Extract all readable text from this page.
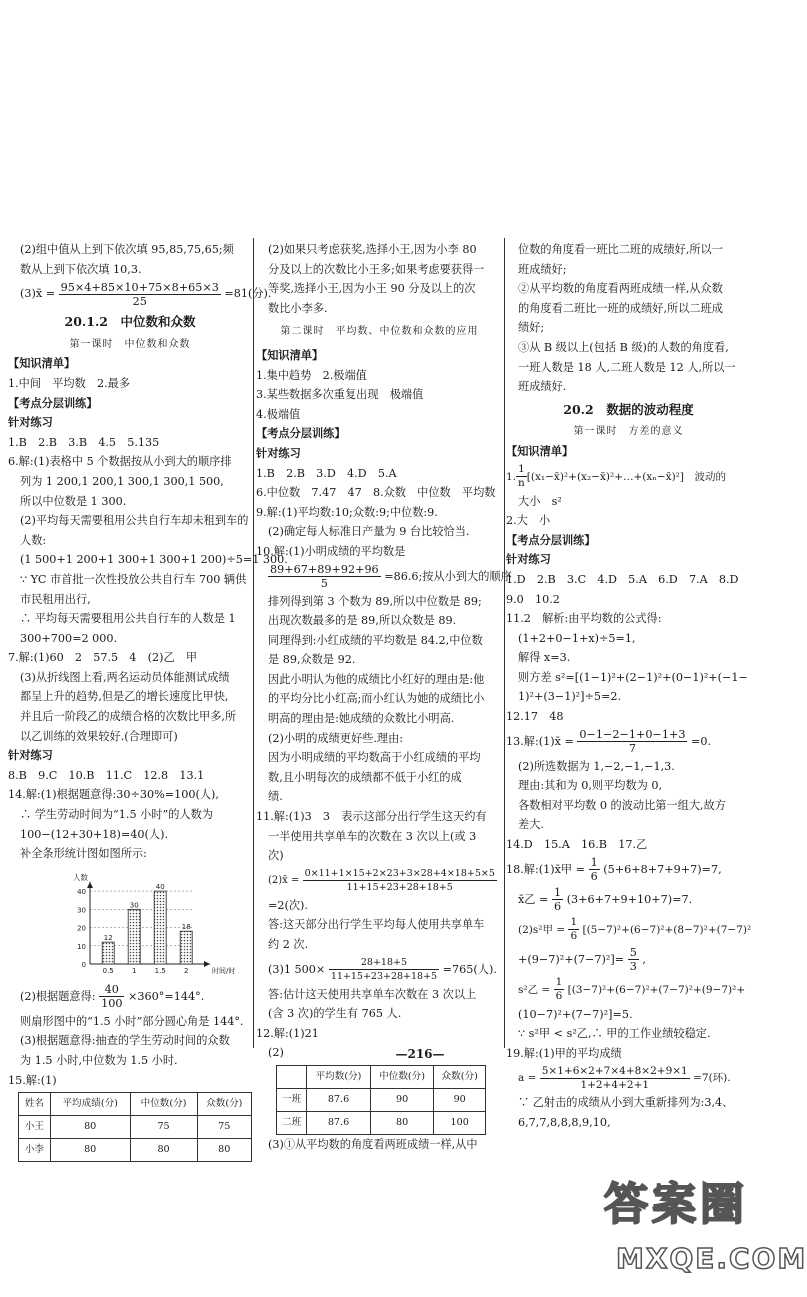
(2)组中值从上到下依次填 95,85,75,65;频
数从上到下依次填 10,3.
(3)x̄ = $\frac{95\times 4+85\times 10+75\times 8+65\times 3}{25} =81$(分).
20.1.2　中位数和众数
第一课时　中位数和众数
【知识清单】
1.中间　平均数　2.最多
【考点分层训练】
针对练习
1.B　2.B　3.B　4.5　5.135
6.解:(1)表格中 5 个数据按从小到大的顺序排
列为 1 200,1 200,1 300,1 300,1 500,
所以中位数是 1 300.
(2)平均每天需要租用公共自行车却未租到车的
人数:
(1 500+1 200+1 300+1 300+1 200)÷5=1 300.
∵ YC 市首批一次性投放公共自行车 700 辆供
市民租用出行,
∴ 平均每天需要租用公共自行车的人数是 1
300+700=2 000.
7.解:(1)60　2　57.5　4　(2)乙　甲
(3)从折线图上看,两名运动员体能测试成绩
都呈上升的趋势,但是乙的增长速度比甲快,
并且后一阶段乙的成绩合格的次数比甲多,所
以乙训练的效果较好.(合理即可)
针对练习
8.B　9.C　10.B　11.C　12.8　13.1
14.解:(1)根据题意得:30÷30%=100(人),
∴ 学生劳动时间为“1.5 小时”的人数为
100−(12+30+18)=40(人).
补全条形统计图如图所示:
0
10
20
30
40
12
0.5
30
1
40
1.5
18
2	时间/时
人数
(2)根据题意得: $\frac{40}{100} \times 360^\circ=144^\circ$.
则扇形图中的“1.5 小时”部分圆心角是 144°.
(3)根据题意得:抽查的学生劳动时间的众数
为 1.5 小时,中位数为 1.5 小时.
15.解:(1)
姓名	平均成绩(分)	中位数(分)	众数(分)
小王	80	75	75
小李	80	80	80
(2)如果只考虑获奖,选择小王,因为小李 80
分及以上的次数比小王多;如果考虑要获得一
等奖,选择小王,因为小王 90 分及以上的次
数比小李多.
第二课时　平均数、中位数和众数的应用
【知识清单】
1.集中趋势　2.极端值
3.某些数据多次重复出现　极端值
4.极端值
【考点分层训练】
针对练习
1.B　2.B　3.D　4.D　5.A
6.中位数　7.47　47　8.众数　中位数　平均数
9.解:(1)平均数:10;众数:9;中位数:9.
(2)确定每人标准日产量为 9 台比较恰当.
10.解:(1)小明成绩的平均数是
$\frac{89+67+89+92+96}{5} =86.6$;按从小到大的顺序
排列得到第 3 个数为 89,所以中位数是 89;
出现次数最多的是 89,所以众数是 89.
同理得到:小红成绩的平均数是 84.2,中位数
是 89,众数是 92.
因此小明认为他的成绩比小红好的理由是:他
的平均分比小红高;而小红认为她的成绩比小
明高的理由是:她成绩的众数比小明高.
(2)小明的成绩更好些.理由:
因为小明成绩的平均数高于小红成绩的平均
数,且小明每次的成绩都不低于小红的成
绩.
11.解:(1)3　3　表示这部分出行学生这天约有
一半使用共享单车的次数在 3 次以上(或 3
次)
(2)x̄ = $\frac{0\times 11+1\times 15+2\times 23+3\times 28+4\times 18+5\times 5}{11+15+23+28+18+5}$
=2(次).
答:这天部分出行学生平均每人使用共享单车
约 2 次.
(3)1 $500\times \frac{28+18+5}{11+15+23+28+18+5} =765$(人).
答:估计这天使用共享单车次数在 3 次以上
(含 3 次)的学生有 765 人.
12.解:(1)21
(2)
	平均数(分)	中位数(分)	众数(分)
一班	87.6	90	90
二班	87.6	80	100
(3)①从平均数的角度看两班成绩一样,从中
位数的角度看一班比二班的成绩好,所以一
班成绩好;
②从平均数的角度看两班成绩一样,从众数
的角度看二班比一班的成绩好,所以二班成
绩好;
③从 B 级以上(包括 B 级)的人数的角度看,
一班人数是 18 人,二班人数是 12 人,所以一
班成绩好.
20.2　数据的波动程度
第一课时　方差的意义
【知识清单】
1. $\frac{1}{n}$ [(x₁−x̄)²+(x₂−x̄)²+…+(xₙ−x̄)²]　波动的
大小　s²
2.大　小
【考点分层训练】
针对练习
1.D　2.B　3.C　4.D　5.A　6.D　7.A　8.D
9.0　10.2
11.2　解析:由平均数的公式得:
(1+2+0−1+x)÷5=1,
解得 x=3.
则方差 s²=[(1−1)²+(2−1)²+(0−1)²+(−1−
1)²+(3−1)²]÷5=2.
12.17　48
13.解:(1)x̄ = $\frac{0-1-2-1+0-1+3}{7} =0$.
(2)所选数据为 1,−2,−1,−1,3.
理由:其和为 0,则平均数为 0,
各数相对平均数 0 的波动比第一组大,故方
差大.
14.D　15.A　16.B　17.乙
18.解:(1)x̄甲 = $\frac{1}{6} (5+6+8+7+9+7)=7$,
x̄乙 = $\frac{1}{6} (3+6+7+9+10+7)=7$.
(2)s²甲 = $\frac{1}{6} [(5-7)^2+(6-7)^2+(8-7)^2+(7-7)^2$
$+(9-7)^2+(7-7)^2]= \frac{5}{3}$ ,
s²乙 = $\frac{1}{6} [(3-7)^2+(6-7)^2+(7-7)^2+(9-7)^2+$
(10−7)²+(7−7)²]=5.
∵ s²甲 < s²乙,∴ 甲的工作业绩较稳定.
19.解:(1)甲的平均成绩
$a = \frac{5\times 1+6\times 2+7\times 4+8\times 2+9\times 1}{1+2+4+2+1} =7$(环).
∵ 乙射击的成绩从小到大重新排列为:3,4、
6,7,7,8,8,8,9,10,
—216—
答案圈
MXQE.COM
